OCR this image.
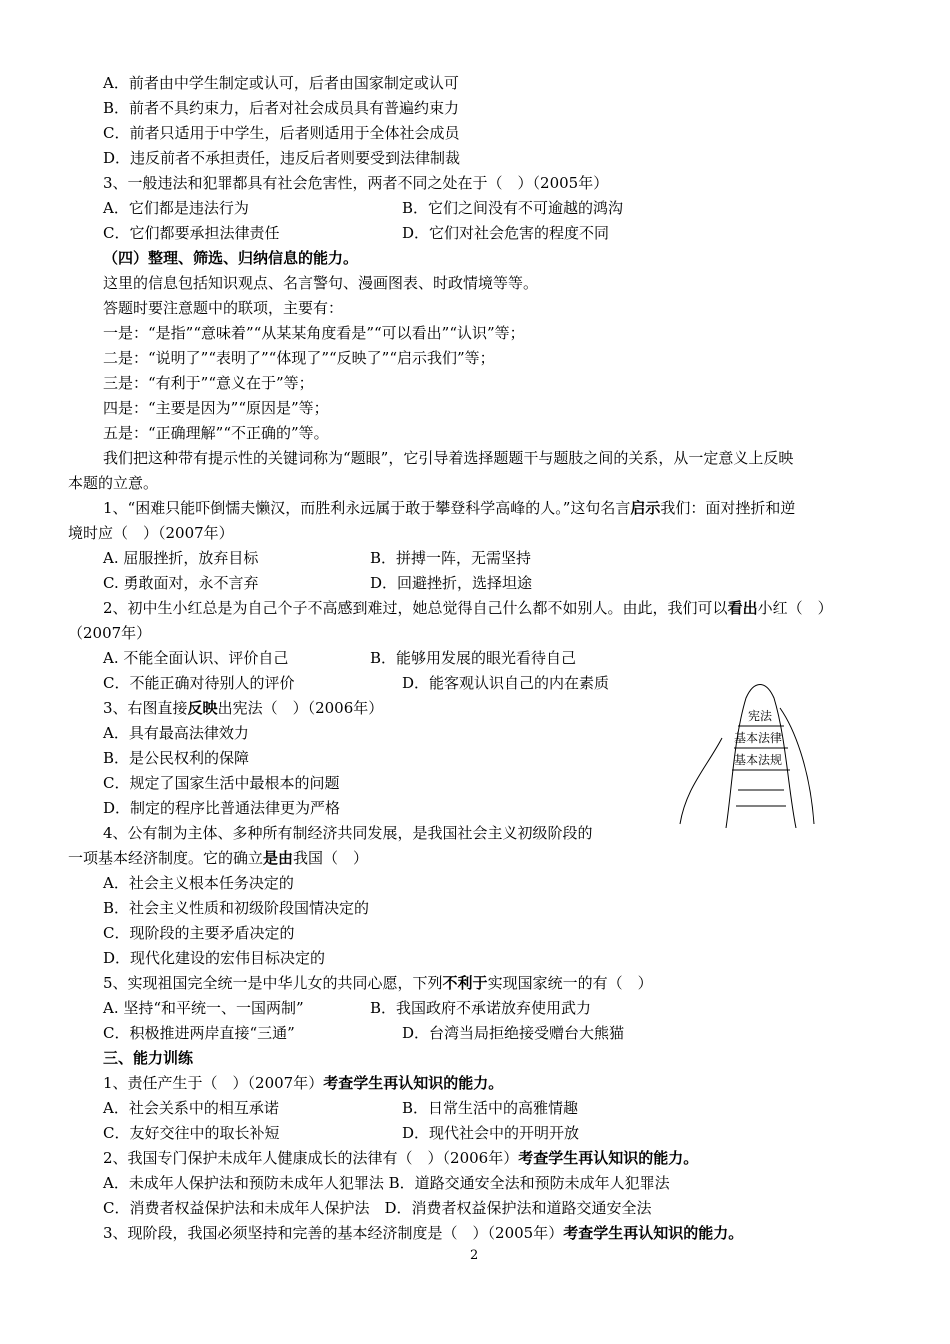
A．前者由中学生制定或认可，后者由国家制定或认可
B．前者不具约束力，后者对社会成员具有普遍约束力
C．前者只适用于中学生，后者则适用于全体社会成员
D．违反前者不承担责任，违反后者则要受到法律制裁
3、一般违法和犯罪都具有社会危害性，两者不同之处在于（　）（2005年）
A．它们都是违法行为	B．它们之间没有不可逾越的鸿沟
C．它们都要承担法律责任	D．它们对社会危害的程度不同
（四）整理、筛选、归纳信息的能力。
这里的信息包括知识观点、名言警句、漫画图表、时政情境等等。
答题时要注意题中的联项，主要有：
一是：“是指”“意味着”“从某某角度看是”“可以看出”“认识”等；
二是：“说明了”“表明了”“体现了”“反映了”“启示我们”等；
三是：“有利于”“意义在于”等；
四是：“主要是因为”“原因是”等；
五是：“正确理解”“不正确的”等。
我们把这种带有提示性的关键词称为“题眼”，它引导着选择题题干与题肢之间的关系，从一定意义上反映
本题的立意。
1、“困难只能吓倒懦夫懒汉，而胜利永远属于敢于攀登科学高峰的人。”这句名言启示我们：面对挫折和逆
境时应（　）（2007年）
A. 屈服挫折，放弃目标	B．拼搏一阵，无需坚持
C. 勇敢面对，永不言弃	D．回避挫折，选择坦途
2、初中生小红总是为自己个子不高感到难过，她总觉得自己什么都不如别人。由此，我们可以看出小红（　）
（2007年）
A. 不能全面认识、评价自己	B．能够用发展的眼光看待自己
C．不能正确对待别人的评价	D．能客观认识自己的内在素质
3、右图直接反映出宪法（　）（2006年）
A．具有最高法律效力
B．是公民权利的保障
C．规定了国家生活中最根本的问题
D．制定的程序比普通法律更为严格
4、公有制为主体、多种所有制经济共同发展，是我国社会主义初级阶段的
一项基本经济制度。它的确立是由我国（　）
A．社会主义根本任务决定的
B．社会主义性质和初级阶段国情决定的
C．现阶段的主要矛盾决定的
D．现代化建设的宏伟目标决定的
5、实现祖国完全统一是中华儿女的共同心愿，下列不利于实现国家统一的有（　）
A. 坚持“和平统一、一国两制”	B．我国政府不承诺放弃使用武力
C．积极推进两岸直接“三通”	D．台湾当局拒绝接受赠台大熊猫
三、能力训练
1、责任产生于（　）（2007年）考查学生再认知识的能力。
A．社会关系中的相互承诺	B．日常生活中的高雅情趣
C．友好交往中的取长补短	D．现代社会中的开明开放
2、我国专门保护未成年人健康成长的法律有（　）（2006年）考查学生再认知识的能力。
A．未成年人保护法和预防未成年人犯罪法 B．道路交通安全法和预防未成年人犯罪法
C．消费者权益保护法和未成年人保护法　D．消费者权益保护法和道路交通安全法
3、现阶段，我国必须坚持和完善的基本经济制度是（　）（2005年）考查学生再认知识的能力。
宪法
基本法律
基本法规
2
